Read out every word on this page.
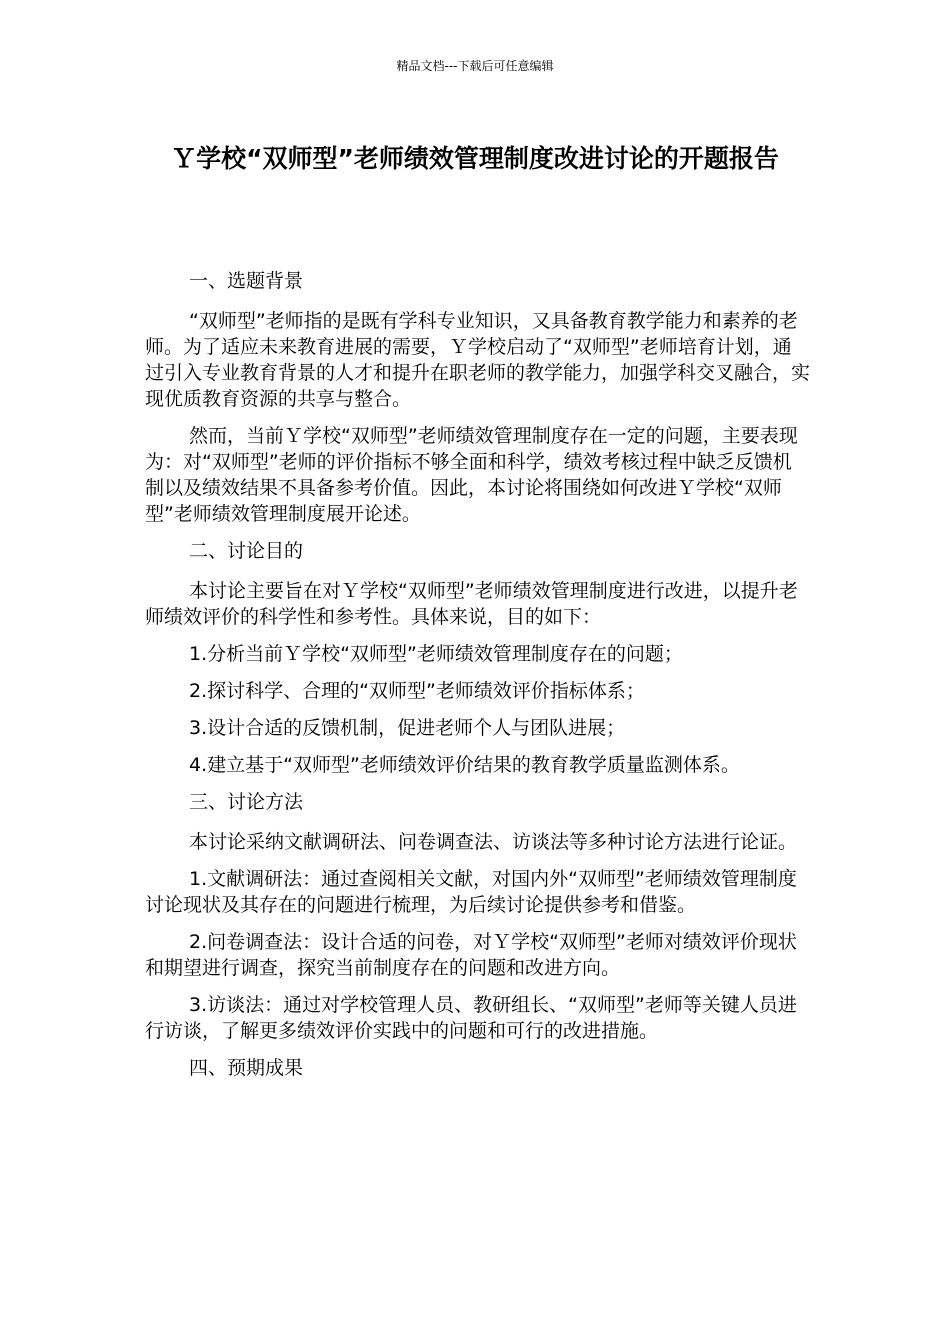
精品文档---下载后可任意编辑
Ｙ学校“双师型”老师绩效管理制度改进讨论的开题报告
一、选题背景
“双师型”老师指的是既有学科专业知识，又具备教育教学能力和素养的老师。为了适应未来教育进展的需要，Ｙ学校启动了“双师型”老师培育计划，通过引入专业教育背景的人才和提升在职老师的教学能力，加强学科交叉融合，实现优质教育资源的共享与整合。
然而，当前Ｙ学校“双师型”老师绩效管理制度存在一定的问题，主要表现为：对“双师型”老师的评价指标不够全面和科学，绩效考核过程中缺乏反馈机制以及绩效结果不具备参考价值。因此，本讨论将围绕如何改进Ｙ学校“双师型”老师绩效管理制度展开论述。
二、讨论目的
本讨论主要旨在对Ｙ学校“双师型”老师绩效管理制度进行改进，以提升老师绩效评价的科学性和参考性。具体来说，目的如下：
1.分析当前Ｙ学校“双师型”老师绩效管理制度存在的问题；
2.探讨科学、合理的“双师型”老师绩效评价指标体系；
3.设计合适的反馈机制，促进老师个人与团队进展；
4.建立基于“双师型”老师绩效评价结果的教育教学质量监测体系。
三、讨论方法
本讨论采纳文献调研法、问卷调查法、访谈法等多种讨论方法进行论证。
1.文献调研法：通过查阅相关文献，对国内外“双师型”老师绩效管理制度讨论现状及其存在的问题进行梳理，为后续讨论提供参考和借鉴。
2.问卷调查法：设计合适的问卷，对Ｙ学校“双师型”老师对绩效评价现状和期望进行调查，探究当前制度存在的问题和改进方向。
3.访谈法：通过对学校管理人员、教研组长、“双师型”老师等关键人员进行访谈，了解更多绩效评价实践中的问题和可行的改进措施。
四、预期成果
